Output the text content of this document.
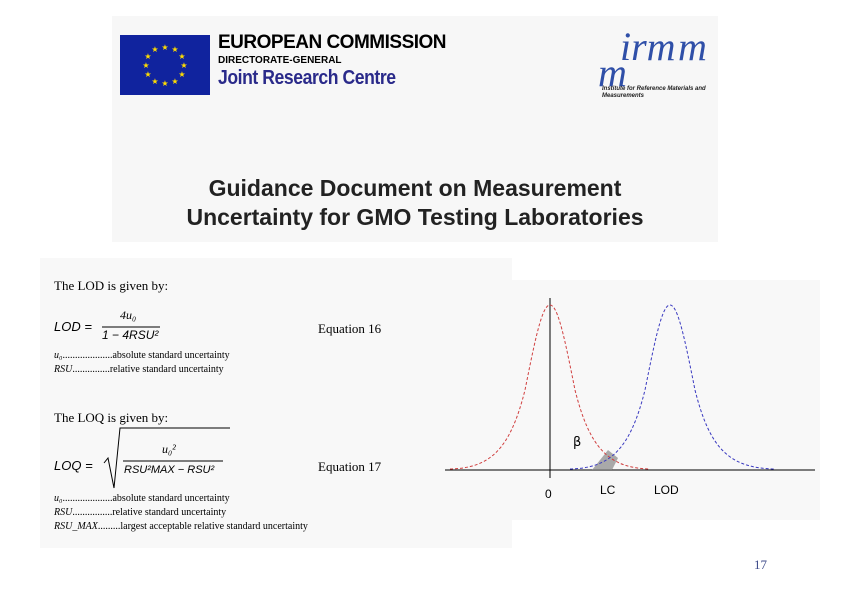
★ ★
★
★
★
★
★
★
★
★
★
★	EUROPEAN COMMISSION
DIRECTORATE-GENERAL
Joint Research Centre
irm
m
m
Institute for Reference Materials and Measurements
Guidance Document on Measurement
Uncertainty for GMO Testing Laboratories
The LOD is given by:
LOD =
4u₀
1 − 4RSU²	Equation 16
u₀....................absolute standard uncertainty
RSU...............relative standard uncertainty
The LOQ is given by:
LOQ =
u₀²
RSU²MAX − RSU²	Equation 17
u₀....................absolute standard uncertainty
RSU................relative standard uncertainty
RSU_MAX.........largest acceptable relative standard uncertainty
β
0	LC	LOD
17
